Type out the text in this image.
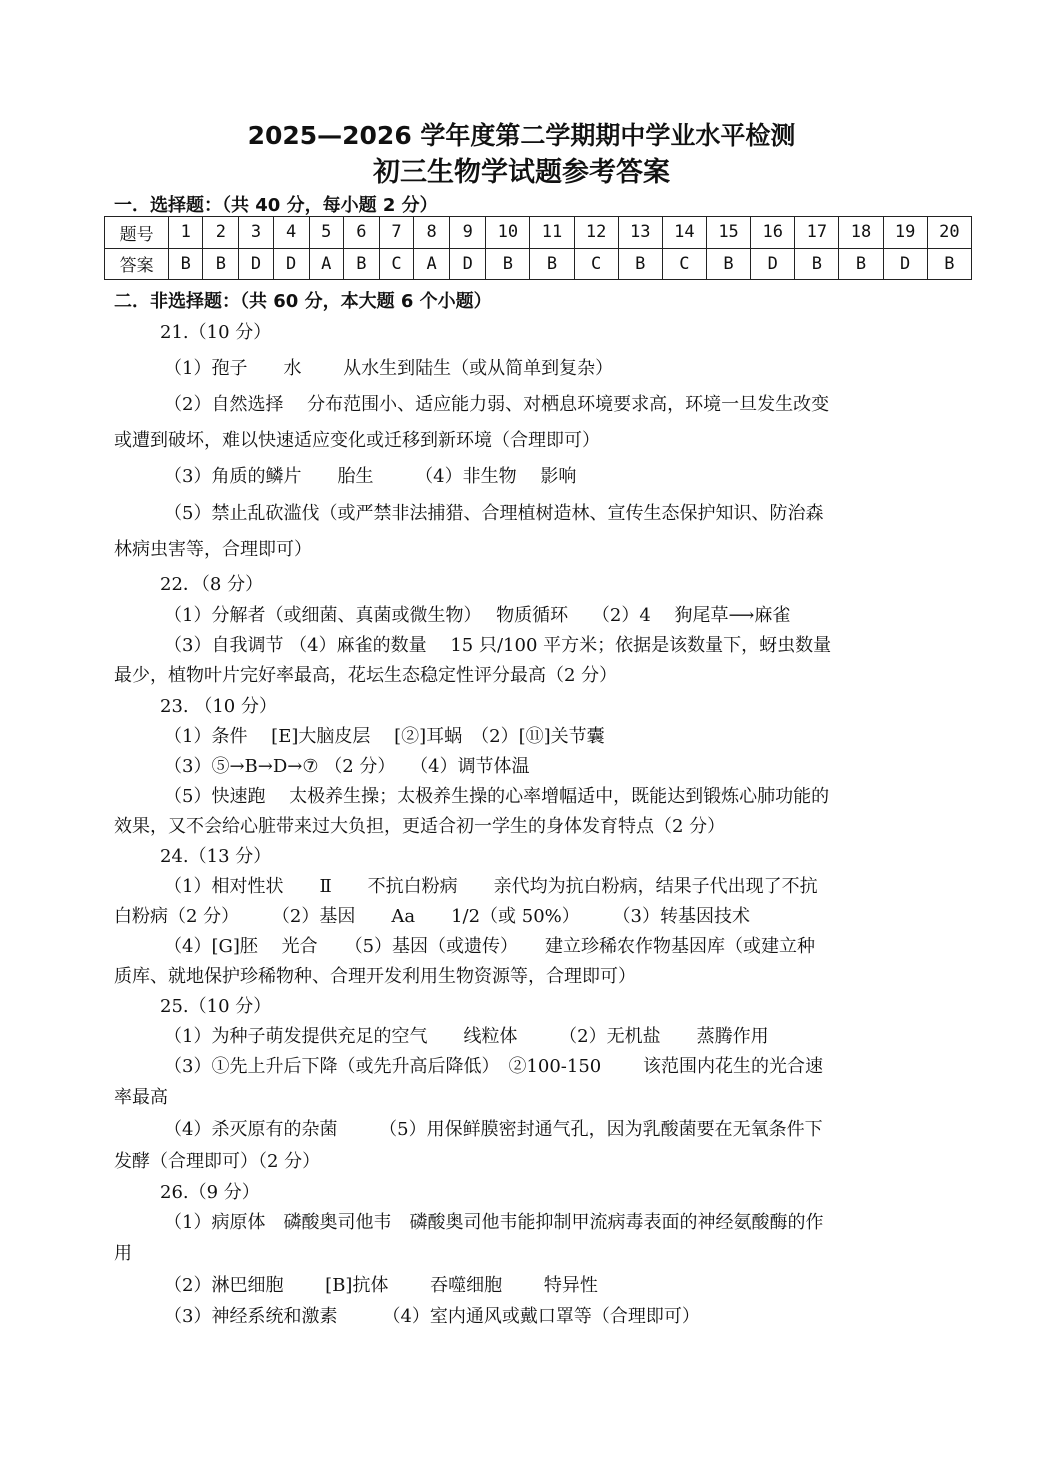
2025—2026 学年度第二学期期中学业水平检测
初三生物学试题参考答案
一．选择题：（共 40 分，每小题 2 分）
题号	1	2	3	4	5	6	7	8	9	10	11	12	13	14	15	16	17	18	19	20
答案	B	B	D	D	A	B	C	A	D	B	B	C	B	C	B	D	B	B	D	B
二．非选择题：（共 60 分，本大题 6 个小题）
21.（10 分）
（1）孢子　　水　　 从水生到陆生（或从简单到复杂）
（2）自然选择　 分布范围小、适应能力弱、对栖息环境要求高，环境一旦发生改变
或遭到破坏，难以快速适应变化或迁移到新环境（合理即可）
（3）角质的鳞片　　胎生　　 （4）非生物　 影响
（5）禁止乱砍滥伐（或严禁非法捕猎、合理植树造林、宣传生态保护知识、防治森
林病虫害等，合理即可）
22．（8 分）
（1）分解者（或细菌、真菌或微生物）　 物质循环　 （2）4　 狗尾草⟶麻雀
（3）自我调节 （4）麻雀的数量　 15 只/100 平方米；依据是该数量下，蚜虫数量
最少，植物叶片完好率最高，花坛生态稳定性评分最高（2 分）
23. （10 分）
（1）条件　 [E]大脑皮层　 [②]耳蜗　（2）[⑪]关节囊
（3）⑤→B→D→⑦ （2 分）　 （4）调节体温
（5）快速跑　 太极养生操；太极养生操的心率增幅适中，既能达到锻炼心肺功能的
效果，又不会给心脏带来过大负担，更适合初一学生的身体发育特点（2 分）
24.（13 分）
（1）相对性状　　Ⅱ　　不抗白粉病　　亲代均为抗白粉病，结果子代出现了不抗
白粉病（2 分）　　 （2）基因　　Aa　　1/2（或 50%）　　 （3）转基因技术
（4）[G]胚　 光合　　（5）基因（或遗传）　　建立珍稀农作物基因库（或建立种
质库、就地保护珍稀物种、合理开发利用生物资源等，合理即可）
25.（10 分）
（1）为种子萌发提供充足的空气　　线粒体　　 （2）无机盐　　蒸腾作用
（3）①先上升后下降（或先升高后降低）　②100-150　　 该范围内花生的光合速
率最高
（4）杀灭原有的杂菌　　 （5）用保鲜膜密封通气孔，因为乳酸菌要在无氧条件下
发酵（合理即可）（2 分）
26.（9 分）
（1）病原体　磷酸奥司他韦　磷酸奥司他韦能抑制甲流病毒表面的神经氨酸酶的作
用
（2）淋巴细胞　　 [B]抗体　　 吞噬细胞　　 特异性
（3）神经系统和激素　　　（4）室内通风或戴口罩等（合理即可）
